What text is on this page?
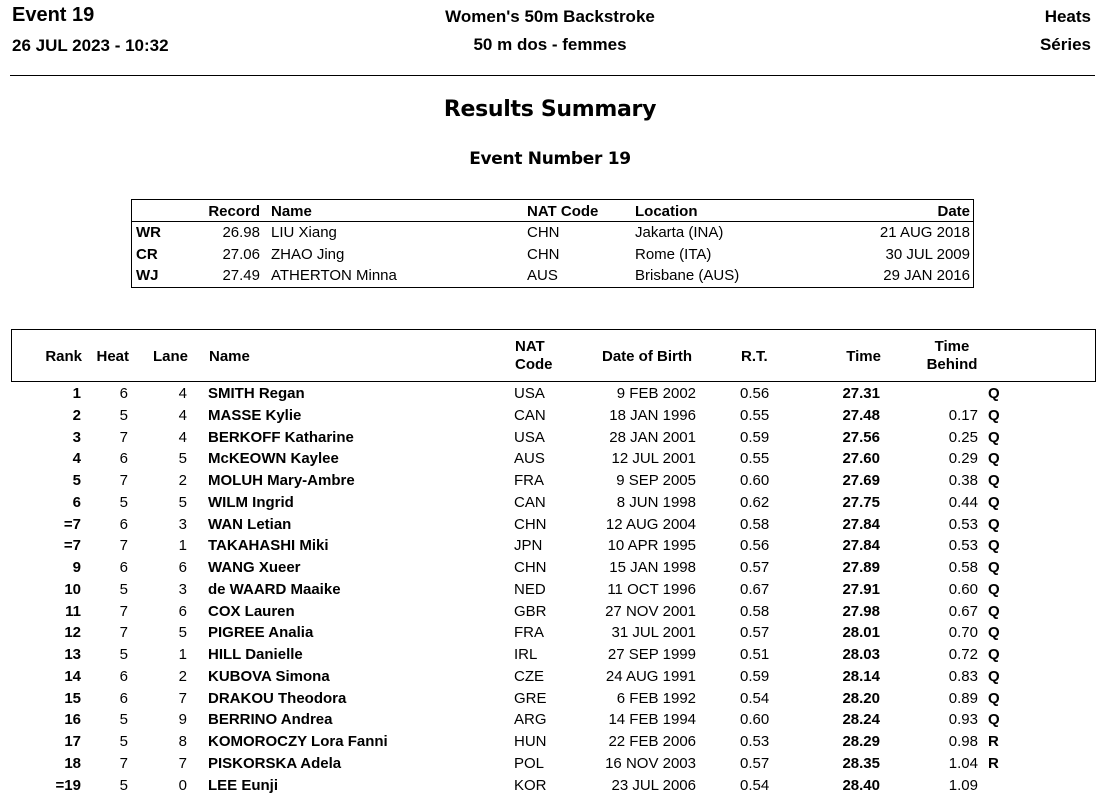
Event 19
26 JUL 2023 - 10:32
Women's 50m Backstroke
50 m dos - femmes
Heats
Séries
Results Summary
Event Number 19
Record Name	NAT Code Location	Date
WR	26.98 LIU Xiang	CHN	Jakarta (INA)	21 AUG 2018
CR	27.06 ZHAO Jing	CHN	Rome (ITA)	30 JUL 2009
WJ	27.49 ATHERTON Minna	AUS	Brisbane (AUS)	29 JAN 2016
Rank Heat Lane Name
NAT
Code	Date of Birth	R.T.	Time
Time
Behind
1	6	4 SMITH Regan	USA	9 FEB 2002	0.56	27.31	Q
2	5	4 MASSE Kylie	CAN	18 JAN 1996	0.55	27.48	0.17 Q
3	7	4 BERKOFF Katharine	USA	28 JAN 2001	0.59	27.56	0.25 Q
4	6	5 McKEOWN Kaylee	AUS	12 JUL 2001	0.55	27.60	0.29 Q
5	7	2 MOLUH Mary-Ambre	FRA	9 SEP 2005	0.60	27.69	0.38 Q
6	5	5 WILM Ingrid	CAN	8 JUN 1998	0.62	27.75	0.44 Q
=7	6	3 WAN Letian	CHN	12 AUG 2004	0.58	27.84	0.53 Q
=7	7	1 TAKAHASHI Miki	JPN	10 APR 1995	0.56	27.84	0.53 Q
9	6	6 WANG Xueer	CHN	15 JAN 1998	0.57	27.89	0.58 Q
10	5	3 de WAARD Maaike	NED	11 OCT 1996	0.67	27.91	0.60 Q
11	7	6 COX Lauren	GBR	27 NOV 2001	0.58	27.98	0.67 Q
12	7	5 PIGREE Analia	FRA	31 JUL 2001	0.57	28.01	0.70 Q
13	5	1 HILL Danielle	IRL	27 SEP 1999	0.51	28.03	0.72 Q
14	6	2 KUBOVA Simona	CZE	24 AUG 1991	0.59	28.14	0.83 Q
15	6	7 DRAKOU Theodora	GRE	6 FEB 1992	0.54	28.20	0.89 Q
16	5	9 BERRINO Andrea	ARG	14 FEB 1994	0.60	28.24	0.93 Q
17	5	8 KOMOROCZY Lora Fanni	HUN	22 FEB 2006	0.53	28.29	0.98 R
18	7	7 PISKORSKA Adela	POL	16 NOV 2003	0.57	28.35	1.04 R
=19	5	0 LEE Eunji	KOR	23 JUL 2006	0.54	28.40	1.09
